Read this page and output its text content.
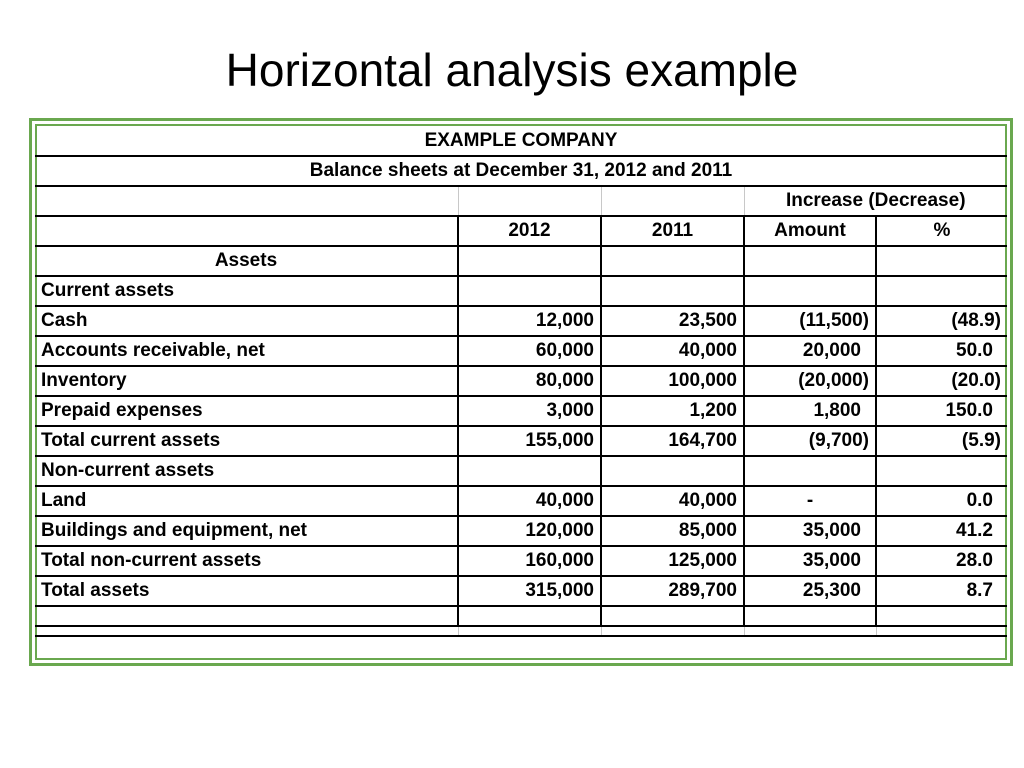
Horizontal analysis example
EXAMPLE COMPANY				
Balance sheets at December 31, 2012 and 2011				
			Increase (Decrease)	
	2012	2011	Amount	%
Assets				
Current assets				
Cash	12,000	23,500	(11,500)	(48.9)
Accounts receivable, net	60,000	40,000	20,000	50.0
Inventory	80,000	100,000	(20,000)	(20.0)
Prepaid expenses	3,000	1,200	1,800	150.0
Total current assets	155,000	164,700	(9,700)	(5.9)
Non-current assets				
Land	40,000	40,000	-	0.0
Buildings and equipment, net	120,000	85,000	35,000	41.2
Total non-current assets	160,000	125,000	35,000	28.0
Total assets	315,000	289,700	25,300	8.7
